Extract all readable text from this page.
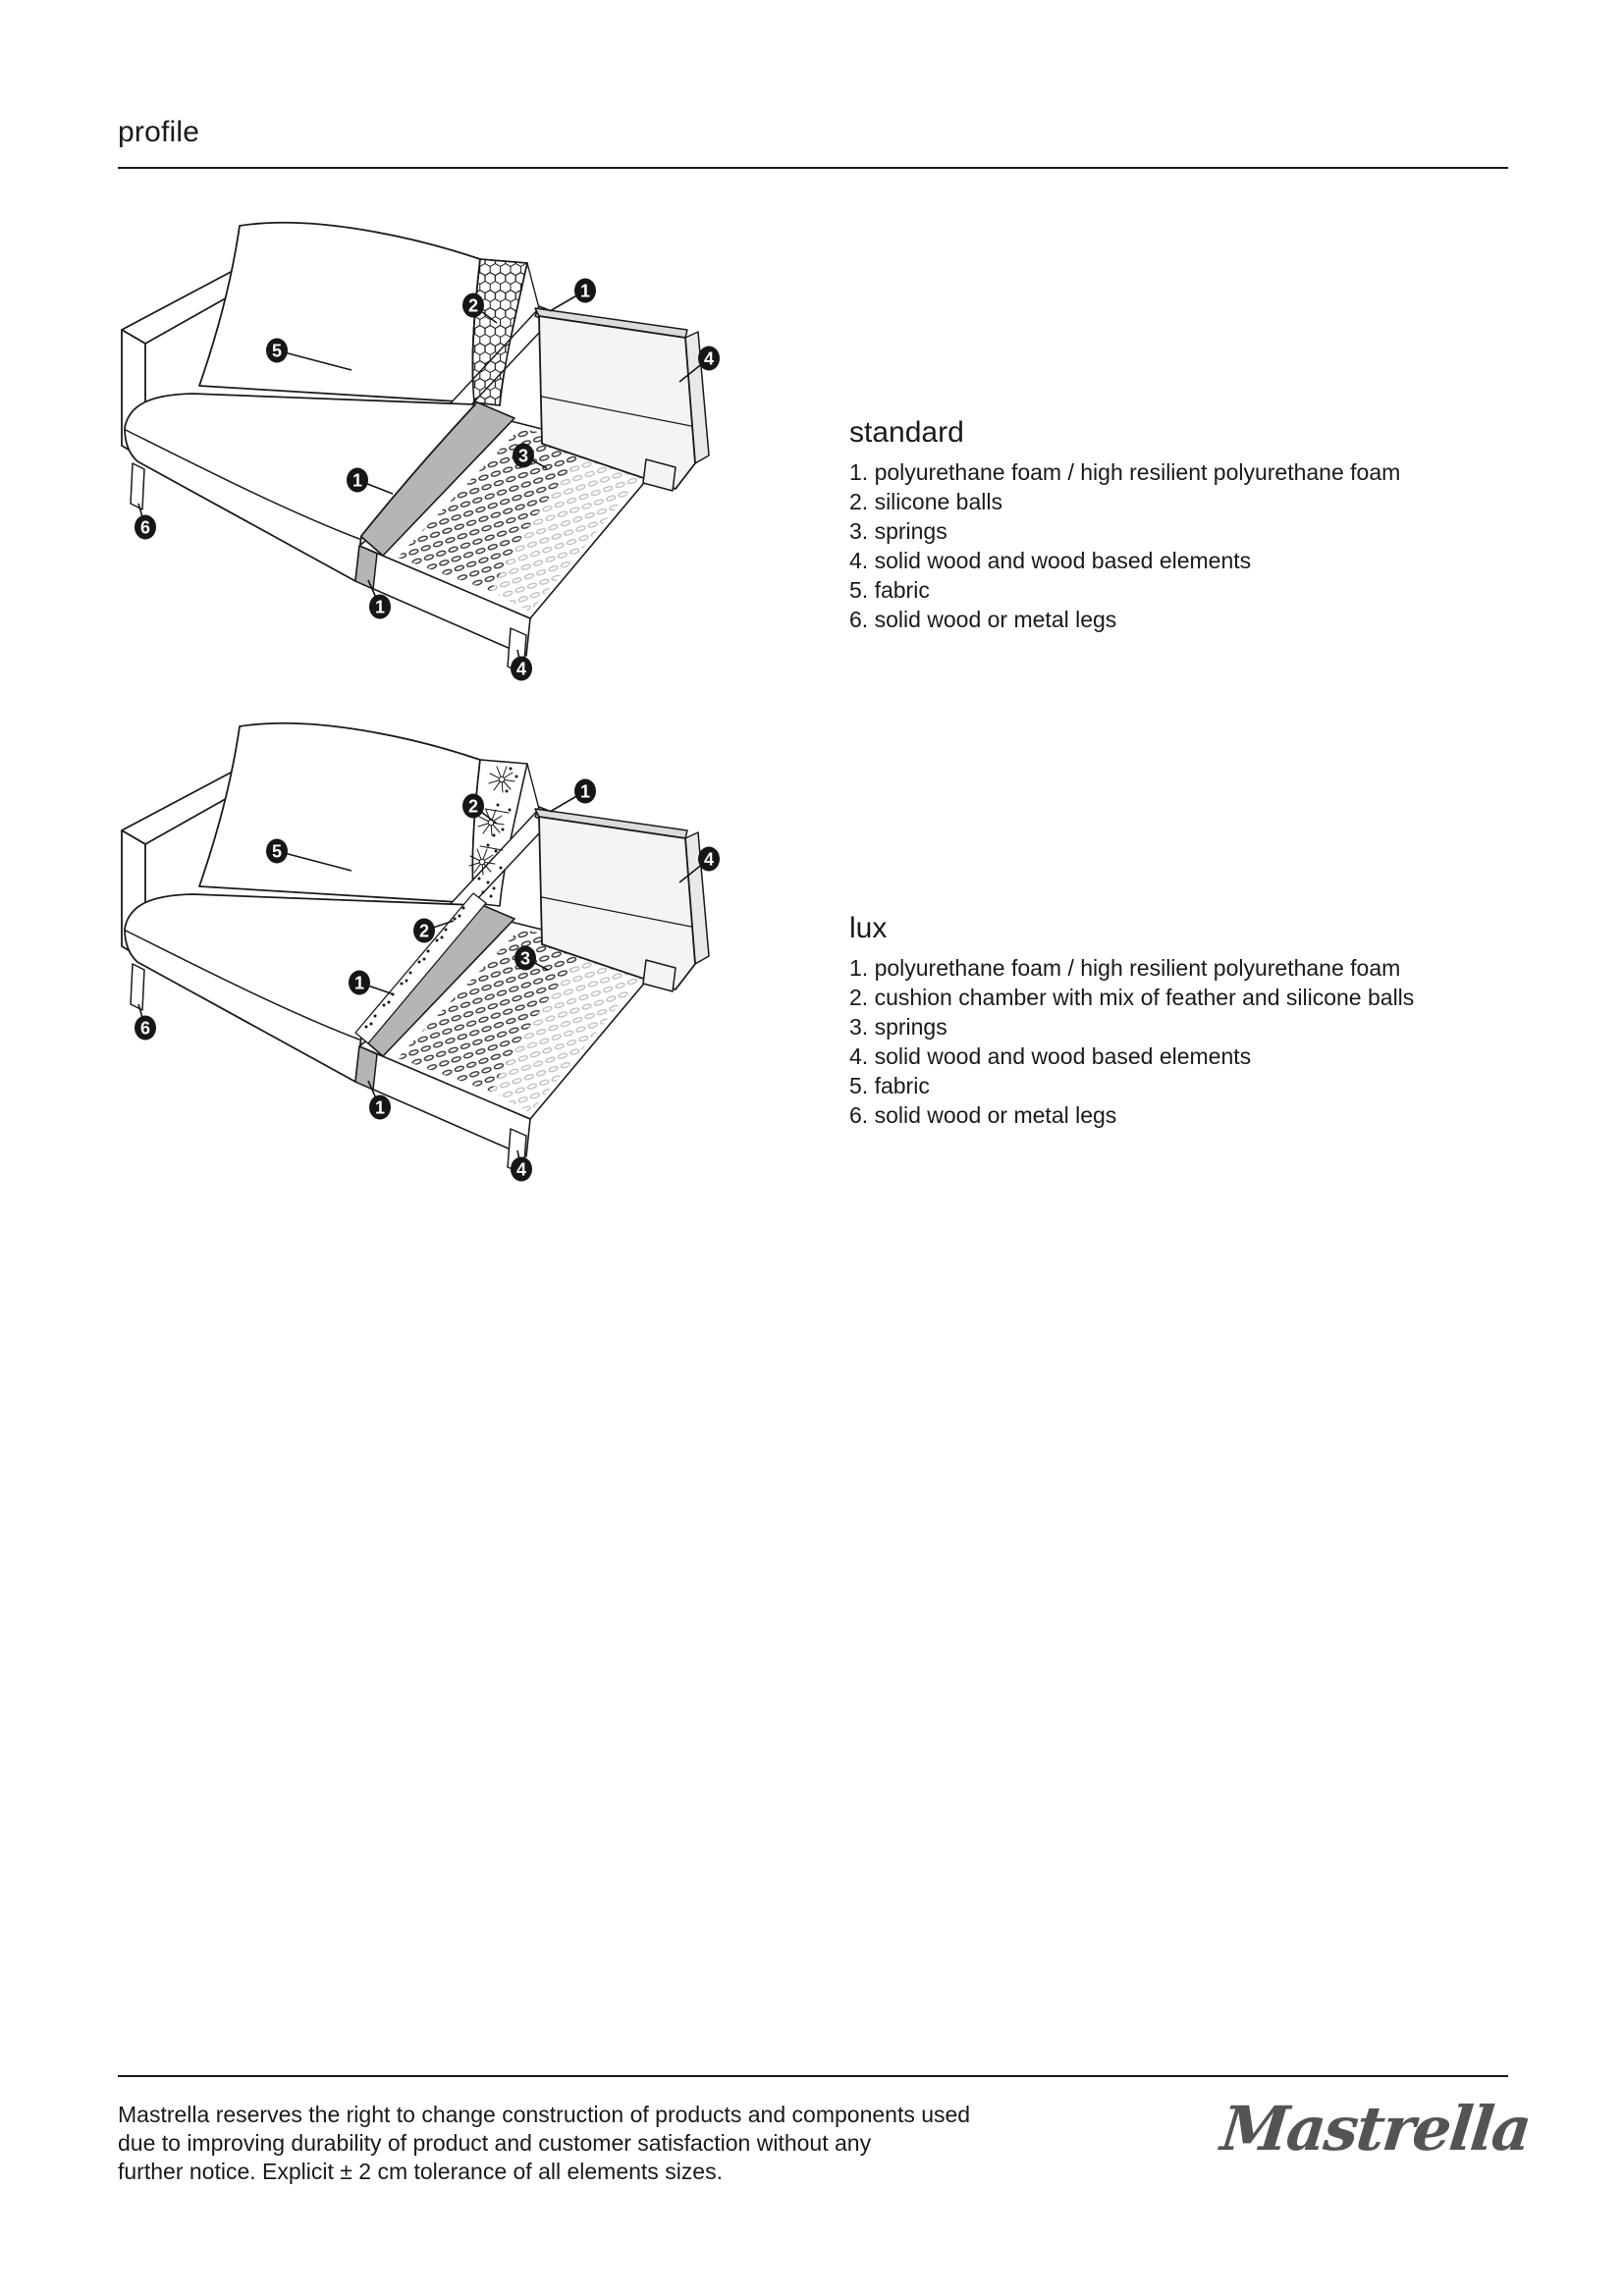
profile
2
1
5	4
3
1
6
1
4
standard
1. polyurethane foam / high resilient polyurethane foam
2. silicone balls
3. springs
4. solid wood and wood based elements
5. fabric
6. solid wood or metal legs
2
1
5	4
2
3
1
6
1
4
lux
1. polyurethane foam / high resilient polyurethane foam
2. cushion chamber with mix of feather and silicone balls
3. springs
4. solid wood and wood based elements
5. fabric
6. solid wood or metal legs
Mastrella reserves the right to change construction of products and components used
due to improving durability of product and customer satisfaction without any
further notice. Explicit ± 2 cm tolerance of all elements sizes.
Mastrella
